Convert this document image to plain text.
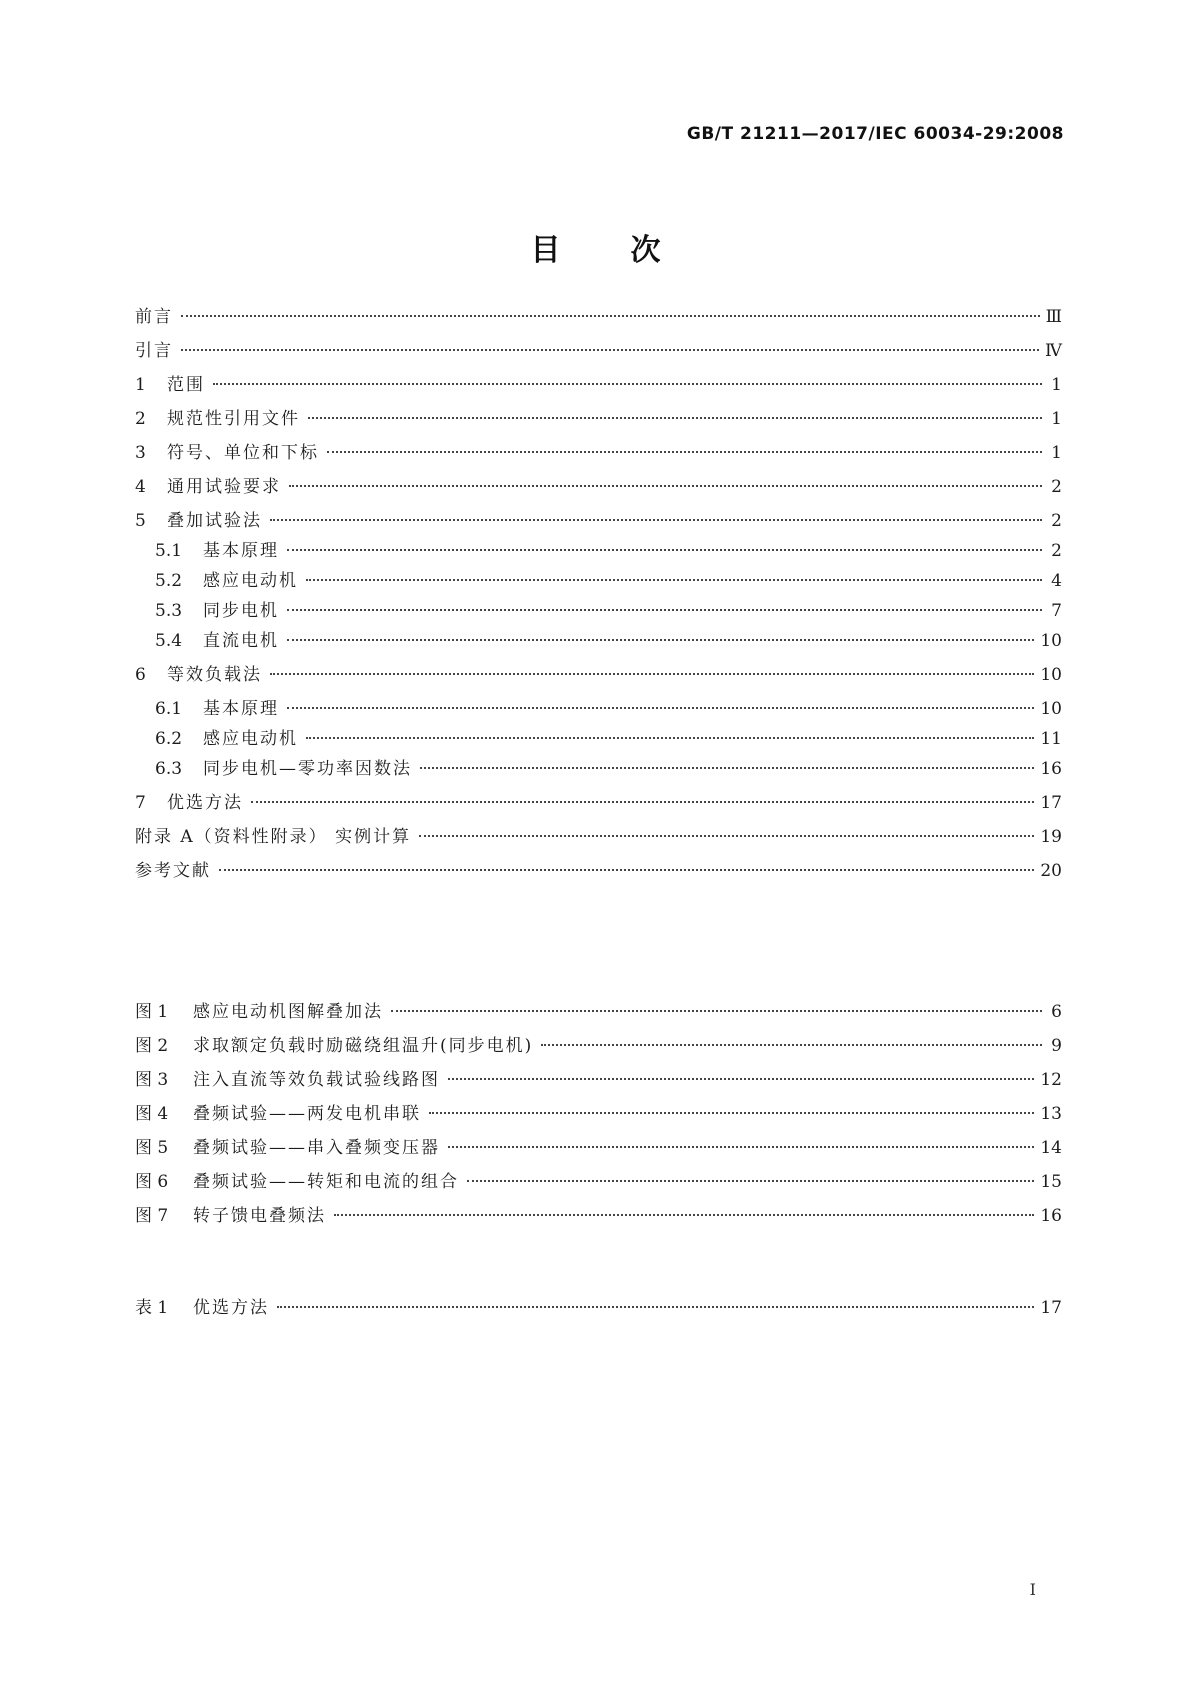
GB/T 21211—2017/IEC 60034-29:2008
目 次
前言	Ⅲ
引言	Ⅳ
1	范围	1
2	规范性引用文件	1
3	符号、单位和下标	1
4	通用试验要求	2
5	叠加试验法	2
5.1	基本原理	2
5.2	感应电动机	4
5.3	同步电机	7
5.4	直流电机	10
6	等效负载法	10
6.1	基本原理	10
6.2	感应电动机	11
6.3	同步电机—零功率因数法	16
7	优选方法	17
附录 A（资料性附录） 实例计算	19
参考文献	20
图 1	感应电动机图解叠加法	6
图 2	求取额定负载时励磁绕组温升(同步电机)	9
图 3	注入直流等效负载试验线路图	12
图 4	叠频试验——两发电机串联	13
图 5	叠频试验——串入叠频变压器	14
图 6	叠频试验——转矩和电流的组合	15
图 7	转子馈电叠频法	16
表 1	优选方法	17
I
